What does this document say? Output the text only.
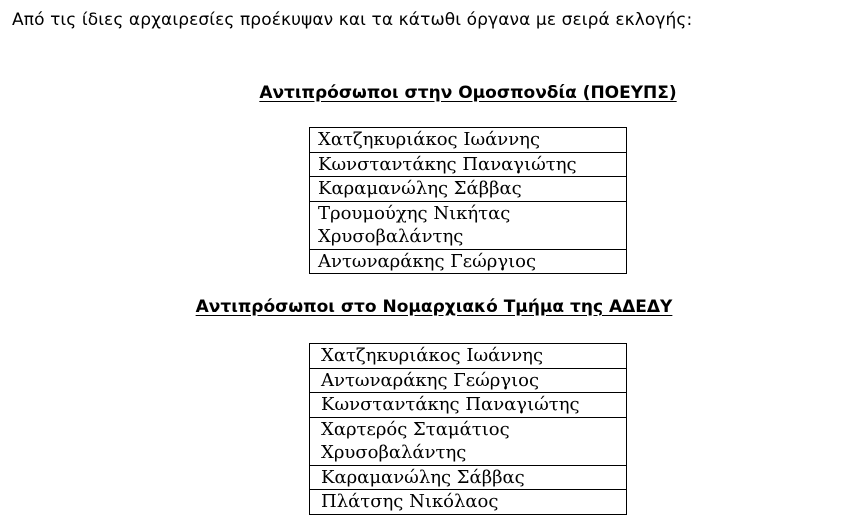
Από τις ίδιες αρχαιρεσίες προέκυψαν και τα κάτωθι όργανα με σειρά εκλογής:
Αντιπρόσωποι στην Ομοσπονδία (ΠΟΕΥΠΣ)
Χατζηκυριάκος Ιωάννης
Κωνσταντάκης Παναγιώτης
Καραμανώλης Σάββας
Τρουμούχης Νικήτας Χρυσοβαλάντης
Αντωναράκης Γεώργιος
Αντιπρόσωποι στο Νομαρχιακό Τμήμα της ΑΔΕΔΥ
Χατζηκυριάκος Ιωάννης
Αντωναράκης Γεώργιος
Κωνσταντάκης Παναγιώτης
Χαρτερός Σταμάτιος Χρυσοβαλάντης
Καραμανώλης Σάββας
Πλάτσης Νικόλαος
